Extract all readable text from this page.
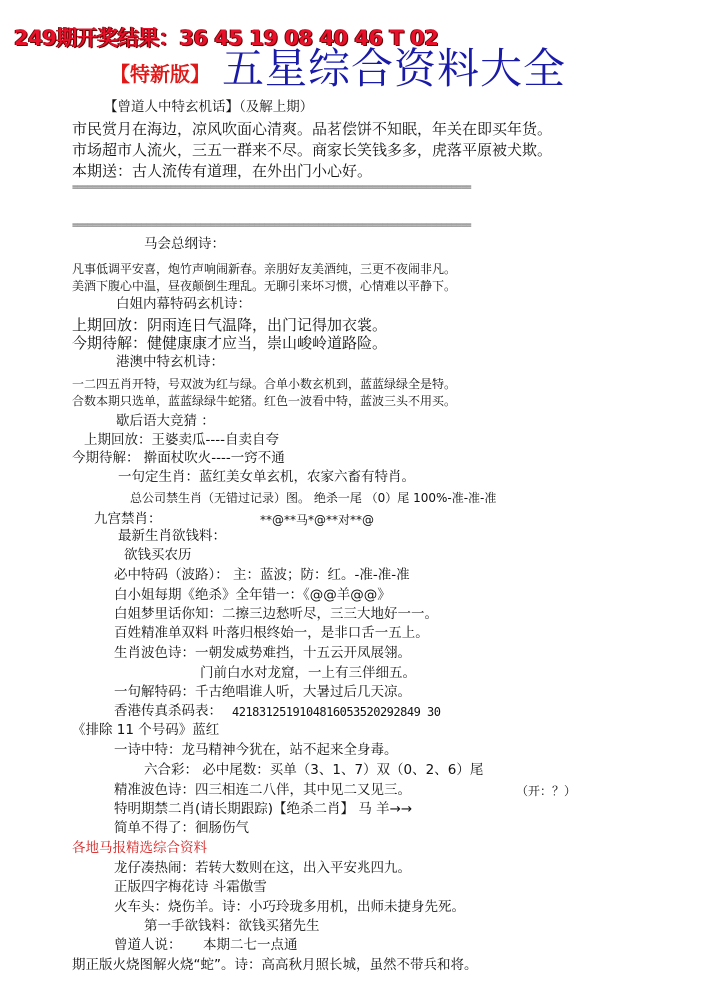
249期开奖结果：36 45 19 08 40 46 T 02
【特新版】 五星综合资料大全
【曾道人中特玄机话】（及解上期）
市民赏月在海边，凉风吹面心清爽。品茗偿饼不知眠，年关在即买年货。
市场超市人流火，三五一群来不尽。商家长笑钱多多，虎落平原被犬欺。
本期送：古人流传有道理，在外出门小心好。
=================================================================================
=================================================================================
马会总纲诗：
凡事低调平安喜，炮竹声响闹新春。亲朋好友美酒纯，三更不夜闹非凡。
美酒下腹心中温，昼夜颠倒生理乱。无聊引来坏习惯，心情难以平静下。
白姐内幕特码玄机诗：
上期回放：阴雨连日气温降，出门记得加衣裳。
今期待解：健健康康才应当，崇山峻岭道路险。
港澳中特玄机诗：
一二四五肖开特，号双波为红与绿。合单小数玄机到，蓝蓝绿绿全是特。
合数本期只选单，蓝蓝绿绿牛蛇猪。红色一波看中特，蓝波三头不用买。
歇后语大竞猜 ：
上期回放：王婆卖瓜----自卖自夸
今期待解： 擀面杖吹火----一窍不通
一句定生肖：蓝红美女单玄机，农家六畜有特肖。
总公司禁生肖（无错过记录）图。 绝杀一尾 （0）尾 100%-准-准-准
九宫禁肖：	**@**马*@**对**@
最新生肖欲钱料：
欲钱买农历
必中特码（波路）： 主：蓝波；防：红。-准-准-准
白小姐每期《绝杀》全年错一：《@@羊@@》
白姐梦里话你知：二擦三边愁听尽，三三大地好一一。
百姓精准单双料 叶落归根终始一，是非口舌一五上。
生肖波色诗：一朝发威势难挡，十五云开凤展翎。
门前白水对龙窟，一上有三伴细五。
一句解特码：千古绝唱谁人听，大暑过后几天凉。
香港传真杀码表： 4218312519104816053520292849 30
《排除 11 个号码》蓝红
一诗中特：龙马精神今犹在，站不起来全身毒。
六合彩： 必中尾数：买单（3、1、7）双（0、2、6）尾
精准波色诗：四三相连二八伴，其中见二又见三。	（开：？）
特明期禁二肖(请长期跟踪)【绝杀二肖】 马 羊→→
简单不得了：徊肠伤气
各地马报精选综合资料
龙仔凑热闹：若转大数则在这，出入平安兆四九。
正版四字梅花诗 斗霜傲雪
火车头：烧伤羊。诗：小巧玲珑多用机，出师未捷身先死。
第一手欲钱料：欲钱买猪先生
曾道人说：     本期二七一点通
期正版火烧图解火烧“蛇”。诗：高高秋月照长城，虽然不带兵和将。
